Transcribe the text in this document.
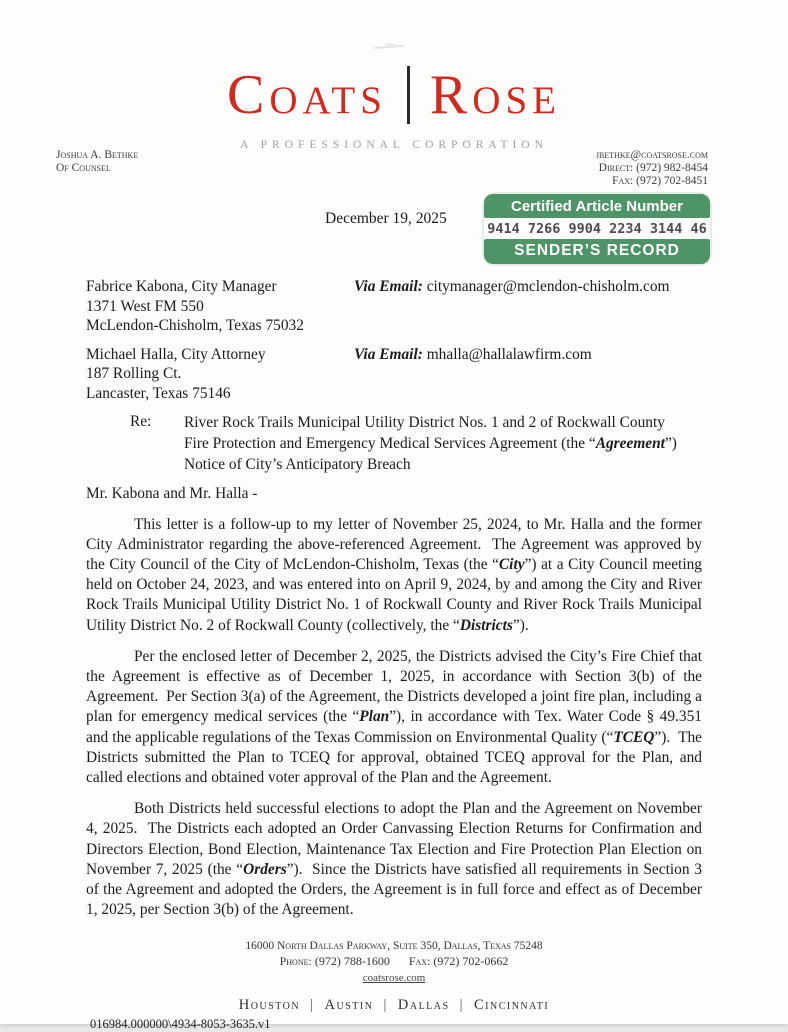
Coats Rose
A PROFESSIONAL CORPORATION
Joshua A. Bethke
Of Counsel
jbethke@coatsrose.com
Direct: (972) 982-8454
Fax: (972) 702-8451
December 19, 2025
Certified Article Number
9414 7266 9904 2234 3144 46
SENDER’S RECORD
Fabrice Kabona, City Manager	Via Email: citymanager@mclendon-chisholm.com
1371 West FM 550
McLendon-Chisholm, Texas 75032
Michael Halla, City Attorney	Via Email: mhalla@hallalawfirm.com
187 Rolling Ct.
Lancaster, Texas 75146
Re:	River Rock Trails Municipal Utility District Nos. 1 and 2 of Rockwall County
Fire Protection and Emergency Medical Services Agreement (the “Agreement”)
Notice of City’s Anticipatory Breach
Mr. Kabona and Mr. Halla -
This letter is a follow-up to my letter of November 25, 2024, to Mr. Halla and the former City Administrator regarding the above-referenced Agreement.  The Agreement was approved by the City Council of the City of McLendon-Chisholm, Texas (the “City”) at a City Council meeting held on October 24, 2023, and was entered into on April 9, 2024, by and among the City and River Rock Trails Municipal Utility District No. 1 of Rockwall County and River Rock Trails Municipal Utility District No. 2 of Rockwall County (collectively, the “Districts”).
Per the enclosed letter of December 2, 2025, the Districts advised the City’s Fire Chief that the Agreement is effective as of December 1, 2025, in accordance with Section 3(b) of the Agreement.  Per Section 3(a) of the Agreement, the Districts developed a joint fire plan, including a plan for emergency medical services (the “Plan”), in accordance with Tex. Water Code § 49.351 and the applicable regulations of the Texas Commission on Environmental Quality (“TCEQ”).  The Districts submitted the Plan to TCEQ for approval, obtained TCEQ approval for the Plan, and called elections and obtained voter approval of the Plan and the Agreement.
Both Districts held successful elections to adopt the Plan and the Agreement on November 4, 2025.  The Districts each adopted an Order Canvassing Election Returns for Confirmation and Directors Election, Bond Election, Maintenance Tax Election and Fire Protection Plan Election on November 7, 2025 (the “Orders”).  Since the Districts have satisfied all requirements in Section 3 of the Agreement and adopted the Orders, the Agreement is in full force and effect as of December 1, 2025, per Section 3(b) of the Agreement.
16000 North Dallas Parkway, Suite 350, Dallas, Texas 75248
Phone: (972) 788-1600 Fax: (972) 702-0662
coatsrose.com
Houston | Austin | Dallas | Cincinnati
016984.000000\4934-8053-3635.v1
